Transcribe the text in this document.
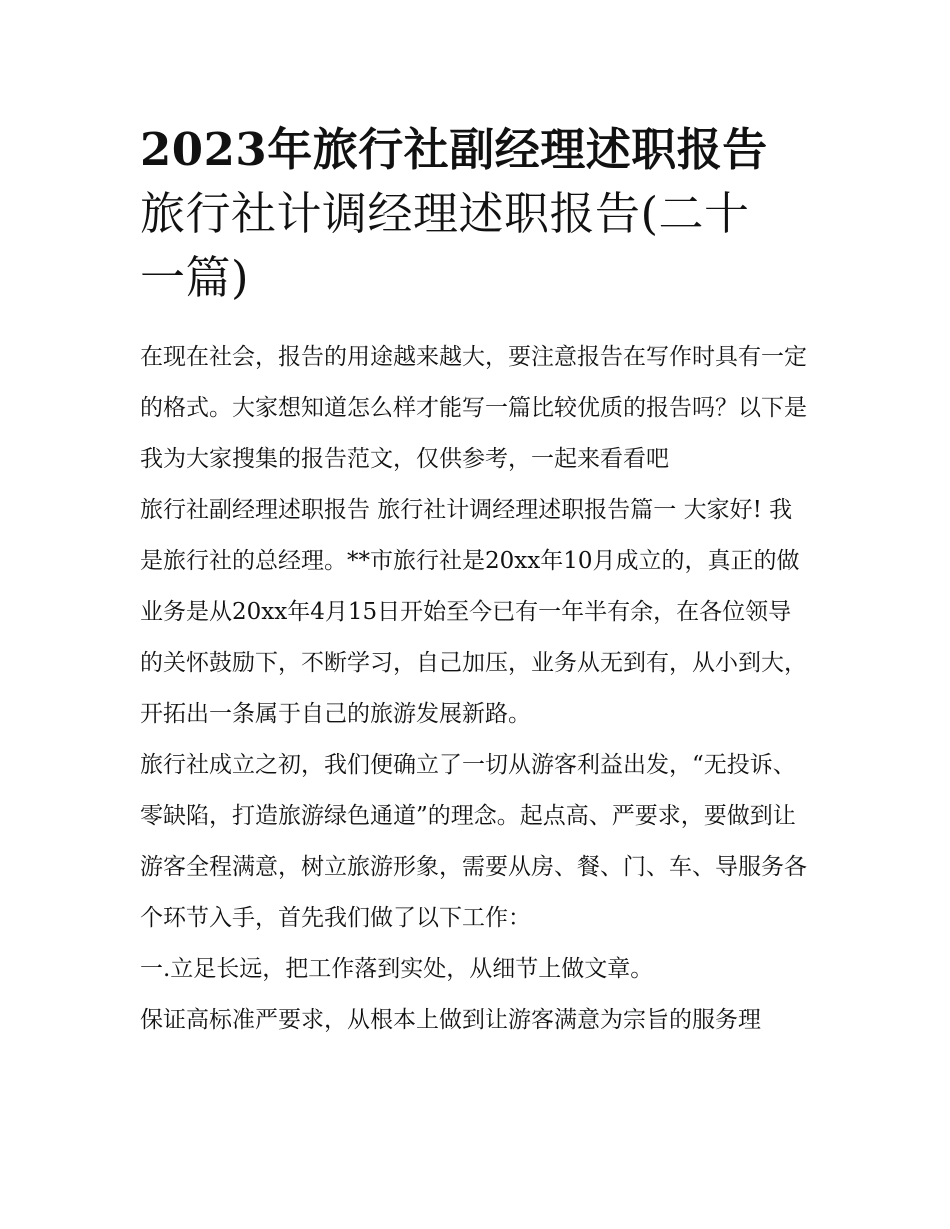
2023年旅行社副经理述职报告
旅行社计调经理述职报告(二十
一篇)

在现在社会，报告的用途越来越大，要注意报告在写作时具有一定的格式。大家想知道怎么样才能写一篇比较优质的报告吗？以下是我为大家搜集的报告范文，仅供参考，一起来看看吧

旅行社副经理述职报告 旅行社计调经理述职报告篇一 大家好! 我是旅行社的总经理。**市旅行社是20xx年10月成立的，真正的做业务是从20xx年4月15日开始至今已有一年半有余，在各位领导的关怀鼓励下，不断学习，自己加压，业务从无到有，从小到大，开拓出一条属于自己的旅游发展新路。

旅行社成立之初，我们便确立了一切从游客利益出发，“无投诉、零缺陷，打造旅游绿色通道”的理念。起点高、严要求，要做到让游客全程满意，树立旅游形象，需要从房、餐、门、车、导服务各个环节入手，首先我们做了以下工作：

一.立足长远，把工作落到实处，从细节上做文章。

保证高标准严要求，从根本上做到让游客满意为宗旨的服务理
